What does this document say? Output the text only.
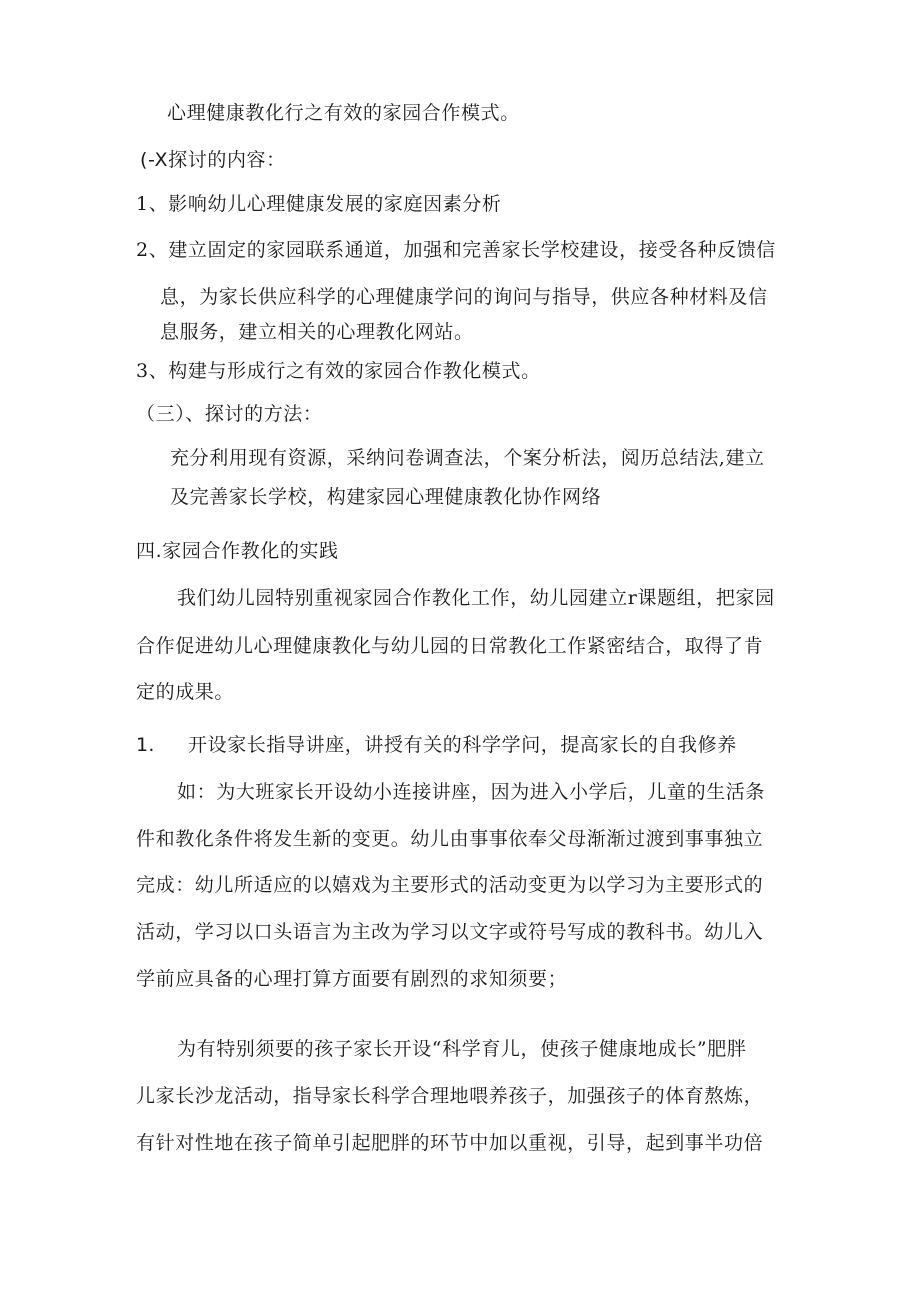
心理健康教化行之有效的家园合作模式。
(-X探讨的内容：
1、影响幼儿心理健康发展的家庭因素分析
2、建立固定的家园联系通道，加强和完善家长学校建设，接受各种反馈信
息，为家长供应科学的心理健康学问的询问与指导，供应各种材料及信
息服务，建立相关的心理教化网站。
3、构建与形成行之有效的家园合作教化模式。
（三）、探讨的方法：
充分利用现有资源，采纳问卷调查法，个案分析法，阅历总结法,建立
及完善家长学校，构建家园心理健康教化协作网络
四.家园合作教化的实践
我们幼儿园特别重视家园合作教化工作，幼儿园建立r课题组，把家园
合作促进幼儿心理健康教化与幼儿园的日常教化工作紧密结合，取得了肯
定的成果。
1. 开设家长指导讲座，讲授有关的科学学问，提高家长的自我修养
如：为大班家长开设幼小连接讲座，因为进入小学后，儿童的生活条
件和教化条件将发生新的变更。幼儿由事事依奉父母渐渐过渡到事事独立
完成：幼儿所适应的以嬉戏为主要形式的活动变更为以学习为主要形式的
活动，学习以口头语言为主改为学习以文字或符号写成的教科书。幼儿入
学前应具备的心理打算方面要有剧烈的求知须要；
为有特别须要的孩子家长开设“科学育儿，使孩子健康地成长”肥胖
儿家长沙龙活动，指导家长科学合理地喂养孩子，加强孩子的体育熬炼，
有针对性地在孩子简单引起肥胖的环节中加以重视，引导，起到事半功倍
